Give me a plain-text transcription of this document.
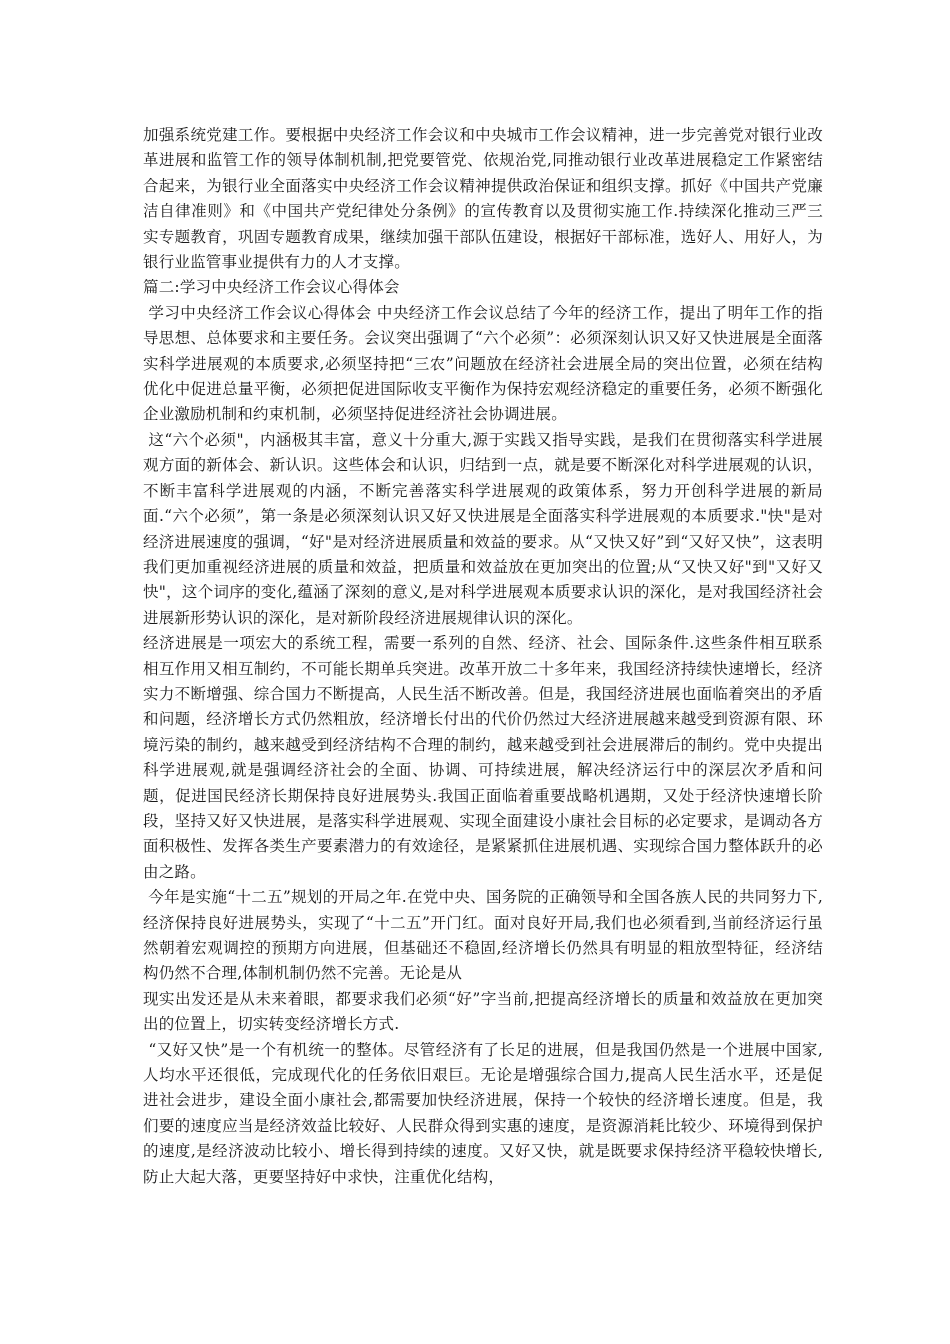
加强系统党建工作。要根据中央经济工作会议和中央城市工作会议精神，进一步完善党对银行业改革进展和监管工作的领导体制机制,把党要管党、依规治党,同推动银行业改革进展稳定工作紧密结合起来，为银行业全面落实中央经济工作会议精神提供政治保证和组织支撑。抓好《中国共产党廉洁自律准则》和《中国共产党纪律处分条例》的宣传教育以及贯彻实施工作.持续深化推动三严三实专题教育，巩固专题教育成果，继续加强干部队伍建设，根据好干部标准，选好人、用好人，为银行业监管事业提供有力的人才支撑。

篇二:学习中央经济工作会议心得体会

学习中央经济工作会议心得体会 中央经济工作会议总结了今年的经济工作，提出了明年工作的指导思想、总体要求和主要任务。会议突出强调了“六个必须”：必须深刻认识又好又快进展是全面落实科学进展观的本质要求,必须坚持把“三农”问题放在经济社会进展全局的突出位置，必须在结构优化中促进总量平衡，必须把促进国际收支平衡作为保持宏观经济稳定的重要任务，必须不断强化企业激励机制和约束机制，必须坚持促进经济社会协调进展。

这“六个必须"，内涵极其丰富，意义十分重大,源于实践又指导实践，是我们在贯彻落实科学进展观方面的新体会、新认识。这些体会和认识，归结到一点，就是要不断深化对科学进展观的认识，不断丰富科学进展观的内涵，不断完善落实科学进展观的政策体系，努力开创科学进展的新局面.“六个必须”，第一条是必须深刻认识又好又快进展是全面落实科学进展观的本质要求."快"是对经济进展速度的强调，“好"是对经济进展质量和效益的要求。从“又快又好”到“又好又快”，这表明我们更加重视经济进展的质量和效益，把质量和效益放在更加突出的位置;从“又快又好"到"又好又快"，这个词序的变化,蕴涵了深刻的意义,是对科学进展观本质要求认识的深化，是对我国经济社会进展新形势认识的深化，是对新阶段经济进展规律认识的深化。

经济进展是一项宏大的系统工程，需要一系列的自然、经济、社会、国际条件.这些条件相互联系相互作用又相互制约，不可能长期单兵突进。改革开放二十多年来，我国经济持续快速增长，经济实力不断增强、综合国力不断提高，人民生活不断改善。但是，我国经济进展也面临着突出的矛盾和问题，经济增长方式仍然粗放，经济增长付出的代价仍然过大经济进展越来越受到资源有限、环境污染的制约，越来越受到经济结构不合理的制约，越来越受到社会进展滞后的制约。党中央提出科学进展观,就是强调经济社会的全面、协调、可持续进展，解决经济运行中的深层次矛盾和问题，促进国民经济长期保持良好进展势头.我国正面临着重要战略机遇期，又处于经济快速增长阶段，坚持又好又快进展，是落实科学进展观、实现全面建设小康社会目标的必定要求，是调动各方面积极性、发挥各类生产要素潜力的有效途径，是紧紧抓住进展机遇、实现综合国力整体跃升的必由之路。

今年是实施“十二五”规划的开局之年.在党中央、国务院的正确领导和全国各族人民的共同努力下,经济保持良好进展势头，实现了“十二五”开门红。面对良好开局,我们也必须看到,当前经济运行虽然朝着宏观调控的预期方向进展，但基础还不稳固,经济增长仍然具有明显的粗放型特征，经济结构仍然不合理,体制机制仍然不完善。无论是从

现实出发还是从未来着眼，都要求我们必须“好”字当前,把提高经济增长的质量和效益放在更加突出的位置上，切实转变经济增长方式.

“又好又快”是一个有机统一的整体。尽管经济有了长足的进展，但是我国仍然是一个进展中国家,人均水平还很低，完成现代化的任务依旧艰巨。无论是增强综合国力,提高人民生活水平，还是促进社会进步，建设全面小康社会,都需要加快经济进展，保持一个较快的经济增长速度。但是，我们要的速度应当是经济效益比较好、人民群众得到实惠的速度，是资源消耗比较少、环境得到保护的速度,是经济波动比较小、增长得到持续的速度。又好又快，就是既要求保持经济平稳较快增长,防止大起大落，更要坚持好中求快，注重优化结构，
